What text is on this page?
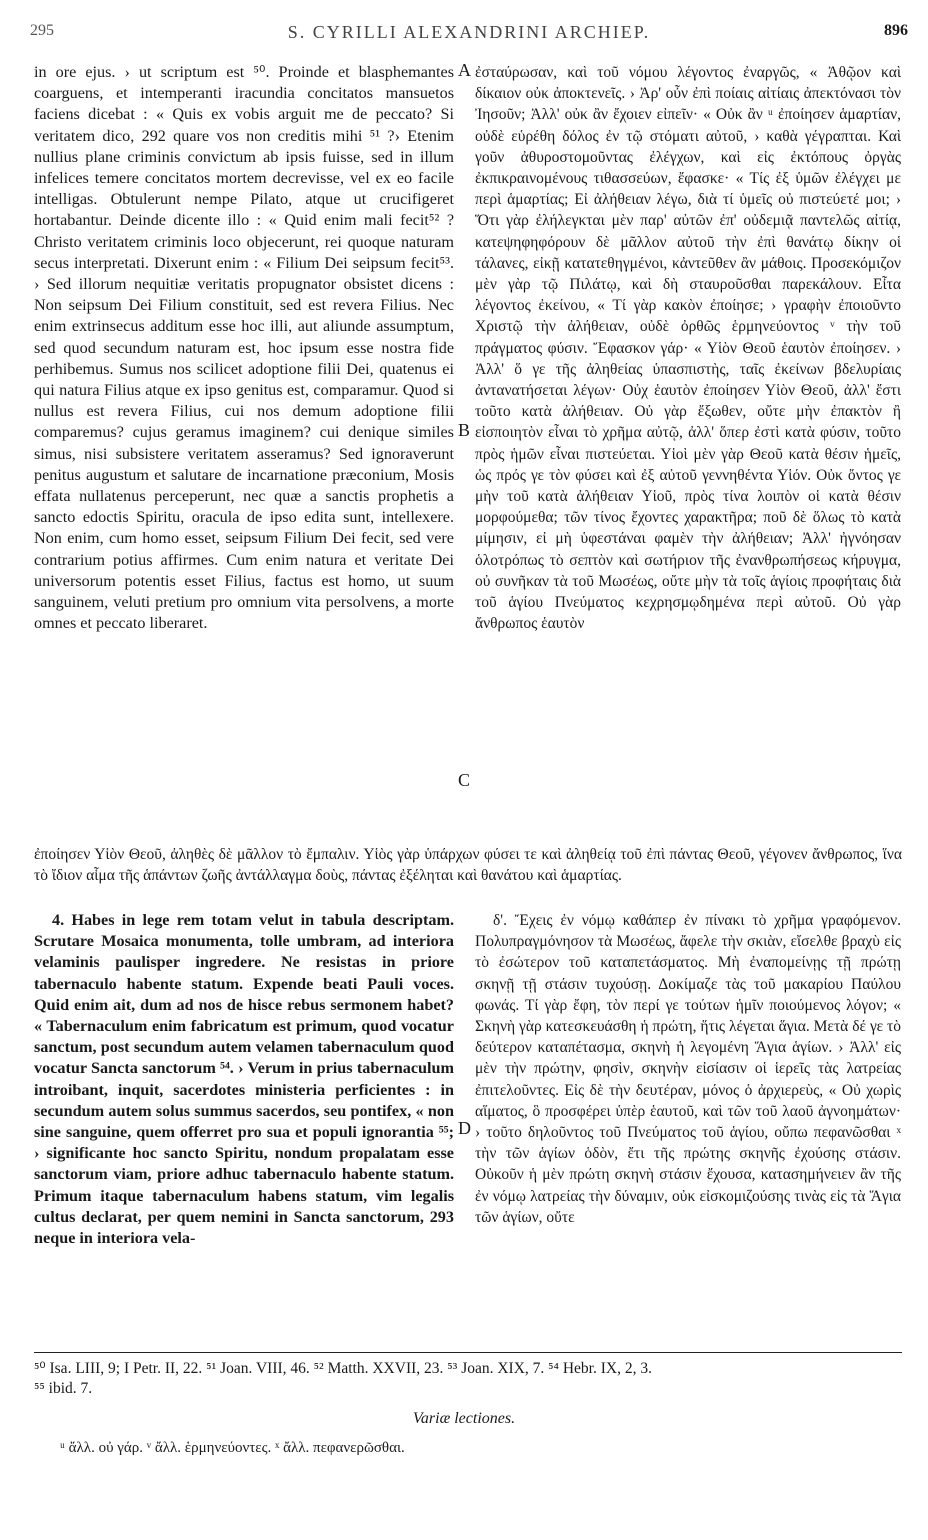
295	S. CYRILLI ALEXANDRINI ARCHIEP.	896

in ore ejus. › ut scriptum est ⁵⁰. Proinde et blasphemantes coarguens, et intemperanti iracundia concitatos mansuetos faciens dicebat : « Quis ex vobis arguit me de peccato? Si veritatem dico, 292 quare vos non creditis mihi ⁵¹ ?› Etenim nullius plane criminis convictum ab ipsis fuisse, sed in illum infelices temere concitatos mortem decrevisse, vel ex eo facile intelligas. Obtulerunt nempe Pilato, atque ut crucifigeret hortabantur. Deinde dicente illo : « Quid enim mali fecit⁵² ? Christo veritatem criminis loco objecerunt, rei quoque naturam secus interpretati. Dixerunt enim : « Filium Dei seipsum fecit⁵³. › Sed illorum nequitiæ veritatis propugnator obsistet dicens : Non seipsum Dei Filium constituit, sed est revera Filius. Nec enim extrinsecus additum esse hoc illi, aut aliunde assumptum, sed quod secundum naturam est, hoc ipsum esse nostra fide perhibemus. Sumus nos scilicet adoptione filii Dei, quatenus ei qui natura Filius atque ex ipso genitus est, comparamur. Quod si nullus est revera Filius, cui nos demum adoptione filii comparemus? cujus geramus imaginem? cui denique similes simus, nisi subsistere veritatem asseramus? Sed ignoraverunt penitus augustum et salutare de incarnatione præconium, Mosis effata nullatenus perceperunt, nec quæ a sanctis prophetis a sancto edoctis Spiritu, oracula de ipso edita sunt, intellexere. Non enim, cum homo esset, seipsum Filium Dei fecit, sed vere contrarium potius affirmes. Cum enim natura et veritate Dei universorum potentis esset Filius, factus est homo, ut suum sanguinem, veluti pretium pro omnium vita persolvens, a morte omnes et peccato liberaret.

ἐσταύρωσαν, καὶ τοῦ νόμου λέγοντος ἐναργῶς, « Ἀθῷον καὶ δίκαιον οὐκ ἀποκτενεῖς. › Ἀρ' οὖν ἐπὶ ποίαις αἰτίαις ἀπεκτόνασι τὸν Ἰησοῦν; Ἀλλ' οὐκ ἂν ἔχοιεν εἰπεῖν· « Οὐκ ἂν ᵘ ἐποίησεν ἁμαρτίαν, οὐδὲ εὑρέθη δόλος ἐν τῷ στόματι αὐτοῦ, › καθὰ γέγραπται. Καὶ γοῦν ἀθυροστομοῦντας ἐλέγχων, καὶ εἰς ἐκτόπους ὀργὰς ἐκπικραινομένους τιθασσεύων, ἔφασκε· « Τίς ἐξ ὑμῶν ἐλέγχει με περὶ ἁμαρτίας; Εἰ ἀλήθειαν λέγω, διὰ τί ὑμεῖς οὐ πιστεύετέ μοι; › Ὅτι γὰρ ἐλήλεγκται μὲν παρ' αὐτῶν ἐπ' οὐδεμιᾷ παντελῶς αἰτίᾳ, κατεψηφηφόρουν δὲ μᾶλλον αὐτοῦ τὴν ἐπὶ θανάτῳ δίκην οἱ τάλανες, εἰκῇ κατατεθηγμένοι, κἀντεῦθεν ἂν μάθοις. Προσεκόμιζον μὲν γὰρ τῷ Πιλάτῳ, καὶ δὴ σταυροῦσθαι παρεκάλουν. Εἶτα λέγοντος ἐκείνου, « Τί γὰρ κακὸν ἐποίησε; › γραφὴν ἐποιοῦντο Χριστῷ τὴν ἀλήθειαν, οὐδὲ ὀρθῶς ἑρμηνεύοντος ᵛ τὴν τοῦ πράγματος φύσιν. Ἔφασκον γάρ· « Υἱὸν Θεοῦ ἑαυτὸν ἐποίησεν. › Ἀλλ' ὅ γε τῆς ἀληθείας ὑπασπιστὴς, ταῖς ἐκείνων βδελυρίαις ἀντανατήσεται λέγων· Οὐχ ἑαυτὸν ἐποίησεν Υἱὸν Θεοῦ, ἀλλ' ἔστι τοῦτο κατὰ ἀλήθειαν. Οὐ γὰρ ἔξωθεν, οὔτε μὴν ἐπακτὸν ἢ εἰσποιητὸν εἶναι τὸ χρῆμα αὐτῷ, ἀλλ' ὅπερ ἐστὶ κατὰ φύσιν, τοῦτο πρὸς ἡμῶν εἶναι πιστεύεται. Υἱοὶ μὲν γὰρ Θεοῦ κατὰ θέσιν ἡμεῖς, ὡς πρός γε τὸν φύσει καὶ ἐξ αὐτοῦ γεννηθέντα Υἱόν. Οὐκ ὄντος γε μὴν τοῦ κατὰ ἀλήθειαν Υἱοῦ, πρὸς τίνα λοιπὸν οἱ κατὰ θέσιν μορφούμεθα; τῶν τίνος ἔχοντες χαρακτῆρα; ποῦ δὲ ὅλως τὸ κατὰ μίμησιν, εἰ μὴ ὑφεστάναι φαμὲν τὴν ἀλήθειαν; Ἀλλ' ἠγνόησαν ὁλοτρόπως τὸ σεπτὸν καὶ σωτήριον τῆς ἐνανθρωπήσεως κήρυγμα, οὐ συνῆκαν τὰ τοῦ Μωσέως, οὔτε μὴν τὰ τοῖς ἁγίοις προφήταις διὰ τοῦ ἁγίου Πνεύματος κεχρησμῳδημένα περὶ αὐτοῦ. Οὐ γὰρ ἄνθρωπος ἑαυτὸν

A
B
C
D

ἐποίησεν Υἱὸν Θεοῦ, ἀληθὲς δὲ μᾶλλον τὸ ἔμπαλιν. Υἱὸς γὰρ ὑπάρχων φύσει τε καὶ ἀληθείᾳ τοῦ ἐπὶ πάντας Θεοῦ, γέγονεν ἄνθρωπος, ἵνα τὸ ἴδιον αἷμα τῆς ἁπάντων ζωῆς ἀντάλλαγμα δοὺς, πάντας ἐξέληται καὶ θανάτου καὶ ἁμαρτίας.

4. Habes in lege rem totam velut in tabula descriptam. Scrutare Mosaica monumenta, tolle umbram, ad interiora velaminis paulisper ingredere. Ne resistas in priore tabernaculo habente statum. Expende beati Pauli voces. Quid enim ait, dum ad nos de hisce rebus sermonem habet? « Tabernaculum enim fabricatum est primum, quod vocatur sanctum, post secundum autem velamen tabernaculum quod vocatur Sancta sanctorum ⁵⁴. › Verum in prius tabernaculum introibant, inquit, sacerdotes ministeria perficientes : in secundum autem solus summus sacerdos, seu pontifex, « non sine sanguine, quem offerret pro sua et populi ignorantia ⁵⁵; › significante hoc sancto Spiritu, nondum propalatam esse sanctorum viam, priore adhuc tabernaculo habente statum. Primum itaque tabernaculum habens statum, vim legalis cultus declarat, per quem nemini in Sancta sanctorum, 293 neque in interiora vela-

δ'. Ἔχεις ἐν νόμῳ καθάπερ ἐν πίνακι τὸ χρῆμα γραφόμενον. Πολυπραγμόνησον τὰ Μωσέως, ἄφελε τὴν σκιὰν, εἴσελθε βραχὺ εἰς τὸ ἐσώτερον τοῦ καταπετάσματος. Μὴ ἐναπομείνῃς τῇ πρώτῃ σκηνῇ τῇ στάσιν τυχούσῃ. Δοκίμαζε τὰς τοῦ μακαρίου Παύλου φωνάς. Τί γὰρ ἔφη, τὸν περί γε τούτων ἡμῖν ποιούμενος λόγον; « Σκηνὴ γὰρ κατεσκευάσθη ἡ πρώτη, ἥτις λέγεται ἅγια. Μετὰ δέ γε τὸ δεύτερον καταπέτασμα, σκηνὴ ἡ λεγομένη Ἅγια ἁγίων. › Ἀλλ' εἰς μὲν τὴν πρώτην, φησὶν, σκηνὴν εἰσίασιν οἱ ἱερεῖς τὰς λατρείας ἐπιτελοῦντες. Εἰς δὲ τὴν δευτέραν, μόνος ὁ ἀρχιερεὺς, « Οὐ χωρὶς αἵματος, ὃ προσφέρει ὑπὲρ ἑαυτοῦ, καὶ τῶν τοῦ λαοῦ ἀγνοημάτων· › τοῦτο δηλοῦντος τοῦ Πνεύματος τοῦ ἁγίου, οὔπω πεφανῶσθαι ˣ τὴν τῶν ἁγίων ὁδὸν, ἔτι τῆς πρώτης σκηνῆς ἐχούσης στάσιν. Οὐκοῦν ἡ μὲν πρώτη σκηνὴ στάσιν ἔχουσα, κατασημήνειεν ἂν τῆς ἐν νόμῳ λατρείας τὴν δύναμιν, οὐκ εἰσκομιζούσης τινὰς εἰς τὰ Ἅγια τῶν ἁγίων, οὔτε

⁵⁰ Isa. LIII, 9; I Petr. II, 22. ⁵¹ Joan. VIII, 46. ⁵² Matth. XXVII, 23. ⁵³ Joan. XIX, 7. ⁵⁴ Hebr. IX, 2, 3.

⁵⁵ ibid. 7.

Variæ lectiones.
ᵘ ἄλλ. οὐ γάρ. ᵛ ἄλλ. ἑρμηνεύοντες. ˣ ἄλλ. πεφανερῶσθαι.
